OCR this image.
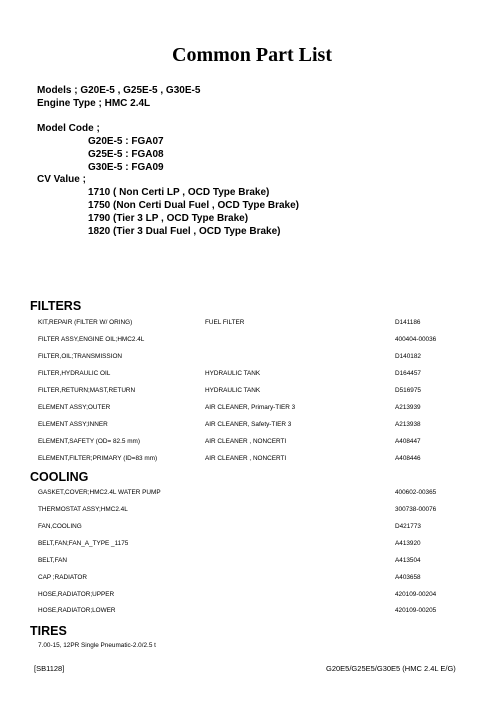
Common Part List
Models ; G20E-5 , G25E-5 , G30E-5
Engine Type ; HMC 2.4L
Model Code ;
G20E-5 : FGA07
G25E-5 : FGA08
G30E-5 : FGA09
CV Value ;
1710 ( Non Certi LP , OCD Type Brake)
1750 (Non Certi Dual Fuel , OCD Type Brake)
1790 (Tier 3 LP , OCD Type Brake)
1820 (Tier 3 Dual Fuel , OCD Type Brake)
FILTERS
KIT,REPAIR (FILTER W/ ORING)	FUEL FILTER	D141186
FILTER ASSY,ENGINE OIL;HMC2.4L	400404-00036
FILTER,OIL;TRANSMISSION	D140182
FILTER,HYDRAULIC OIL	HYDRAULIC TANK	D164457
FILTER,RETURN;MAST,RETURN	HYDRAULIC TANK	D516975
ELEMENT ASSY;OUTER	AIR CLEANER, Primary-TIER 3	A213939
ELEMENT ASSY;INNER	AIR CLEANER, Safety-TIER 3	A213938
ELEMENT,SAFETY (OD= 82.5 mm)	AIR CLEANER , NONCERTI	A408447
ELEMENT,FILTER;PRIMARY (ID=83 mm)	AIR CLEANER , NONCERTI	A408446
COOLING
GASKET,COVER;HMC2.4L WATER PUMP	400602-00365
THERMOSTAT ASSY;HMC2.4L	300738-00076
FAN,COOLING	D421773
BELT,FAN;FAN_A_TYPE _1175	A413920
BELT,FAN	A413504
CAP ;RADIATOR	A403658
HOSE,RADIATOR;UPPER	420109-00204
HOSE,RADIATOR;LOWER	420109-00205
TIRES
7.00-15, 12PR Single Pneumatic-2.0/2.5 t
[SB1128]	G20E5/G25E5/G30E5 (HMC 2.4L E/G)
